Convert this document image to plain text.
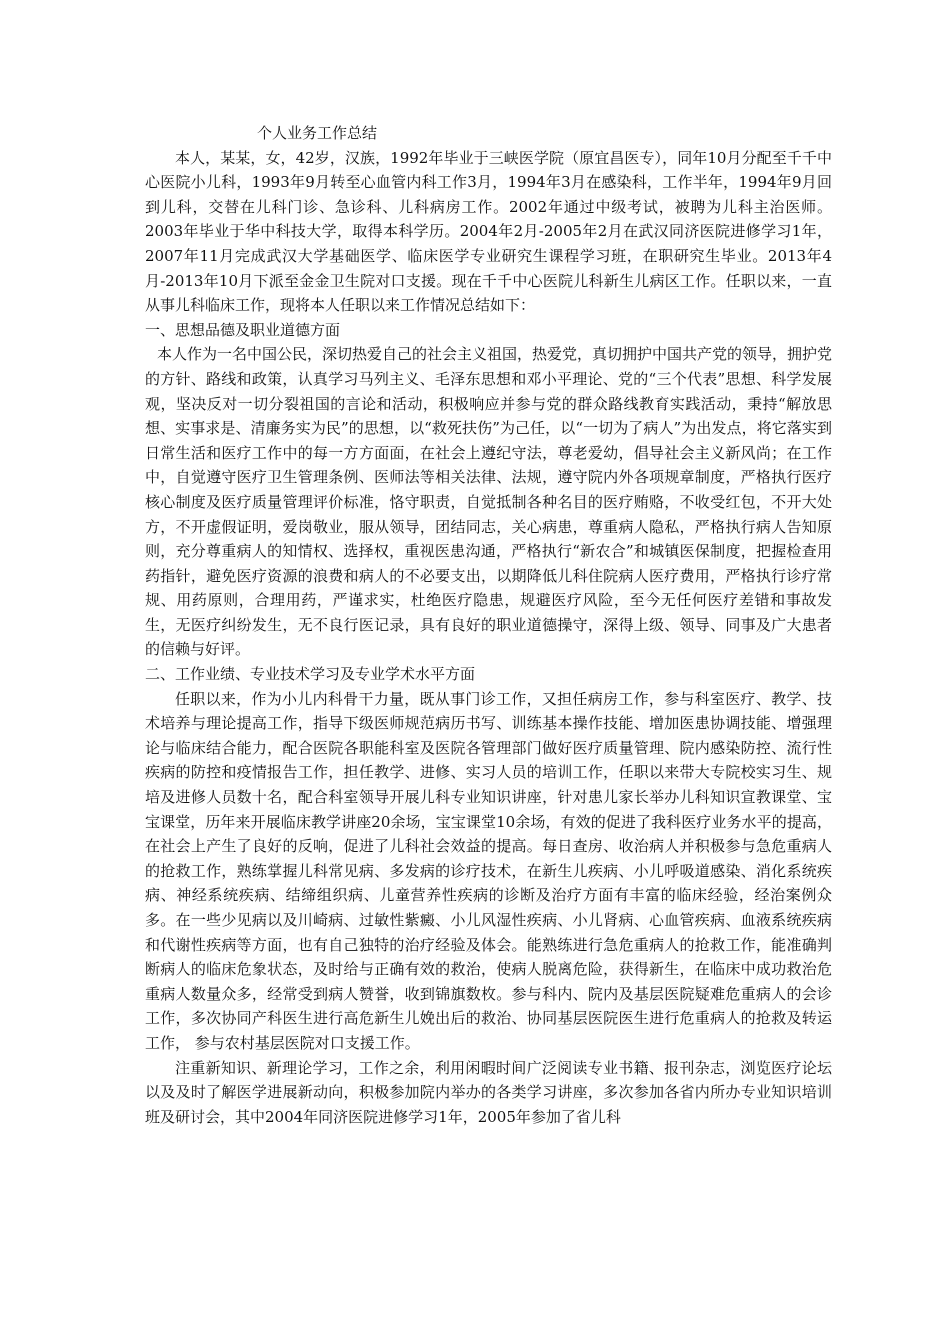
个人业务工作总结

本人，某某，女，42岁，汉族，1992年毕业于三峡医学院（原宜昌医专），同年10月分配至千千中心医院小儿科，1993年9月转至心血管内科工作3月，1994年3月在感染科，工作半年，1994年9月回到儿科，交替在儿科门诊、急诊科、儿科病房工作。2002年通过中级考试，被聘为儿科主治医师。2003年毕业于华中科技大学，取得本科学历。2004年2月-2005年2月在武汉同济医院进修学习1年，2007年11月完成武汉大学基础医学、临床医学专业研究生课程学习班，在职研究生毕业。2013年4月-2013年10月下派至金金卫生院对口支援。现在千千中心医院儿科新生儿病区工作。任职以来，一直从事儿科临床工作，现将本人任职以来工作情况总结如下：

一、思想品德及职业道德方面

本人作为一名中国公民，深切热爱自己的社会主义祖国，热爱党，真切拥护中国共产党的领导，拥护党的方针、路线和政策，认真学习马列主义、毛泽东思想和邓小平理论、党的“三个代表”思想、科学发展观，坚决反对一切分裂祖国的言论和活动，积极响应并参与党的群众路线教育实践活动，秉持“解放思想、实事求是、清廉务实为民”的思想，以“救死扶伤”为己任，以“一切为了病人”为出发点，将它落实到日常生活和医疗工作中的每一方方面面，在社会上遵纪守法，尊老爱幼，倡导社会主义新风尚；在工作中，自觉遵守医疗卫生管理条例、医师法等相关法律、法规，遵守院内外各项规章制度，严格执行医疗核心制度及医疗质量管理评价标准，恪守职责，自觉抵制各种名目的医疗贿赂，不收受红包，不开大处方，不开虚假证明，爱岗敬业，服从领导，团结同志，关心病患，尊重病人隐私，严格执行病人告知原则，充分尊重病人的知情权、选择权，重视医患沟通，严格执行“新农合”和城镇医保制度，把握检查用药指针，避免医疗资源的浪费和病人的不必要支出，以期降低儿科住院病人医疗费用，严格执行诊疗常规、用药原则，合理用药，严谨求实，杜绝医疗隐患，规避医疗风险，至今无任何医疗差错和事故发生，无医疗纠纷发生，无不良行医记录，具有良好的职业道德操守，深得上级、领导、同事及广大患者的信赖与好评。

二、工作业绩、专业技术学习及专业学术水平方面

任职以来，作为小儿内科骨干力量，既从事门诊工作，又担任病房工作，参与科室医疗、教学、技术培养与理论提高工作，指导下级医师规范病历书写、训练基本操作技能、增加医患协调技能、增强理论与临床结合能力，配合医院各职能科室及医院各管理部门做好医疗质量管理、院内感染防控、流行性疾病的防控和疫情报告工作，担任教学、进修、实习人员的培训工作，任职以来带大专院校实习生、规培及进修人员数十名，配合科室领导开展儿科专业知识讲座，针对患儿家长举办儿科知识宣教课堂、宝宝课堂，历年来开展临床教学讲座20余场，宝宝课堂10余场，有效的促进了我科医疗业务水平的提高，在社会上产生了良好的反响，促进了儿科社会效益的提高。每日查房、收治病人并积极参与急危重病人的抢救工作，熟练掌握儿科常见病、多发病的诊疗技术，在新生儿疾病、小儿呼吸道感染、消化系统疾病、神经系统疾病、结缔组织病、儿童营养性疾病的诊断及治疗方面有丰富的临床经验，经治案例众多。在一些少见病以及川崎病、过敏性紫癜、小儿风湿性疾病、小儿肾病、心血管疾病、血液系统疾病和代谢性疾病等方面，也有自己独特的治疗经验及体会。能熟练进行急危重病人的抢救工作，能准确判断病人的临床危象状态，及时给与正确有效的救治，使病人脱离危险，获得新生，在临床中成功救治危重病人数量众多，经常受到病人赞誉，收到锦旗数枚。参与科内、院内及基层医院疑难危重病人的会诊工作，多次协同产科医生进行高危新生儿娩出后的救治、协同基层医院医生进行危重病人的抢救及转运工作， 参与农村基层医院对口支援工作。

注重新知识、新理论学习，工作之余，利用闲暇时间广泛阅读专业书籍、报刊杂志，浏览医疗论坛以及及时了解医学进展新动向，积极参加院内举办的各类学习讲座，多次参加各省内所办专业知识培训班及研讨会，其中2004年同济医院进修学习1年，2005年参加了省儿科
